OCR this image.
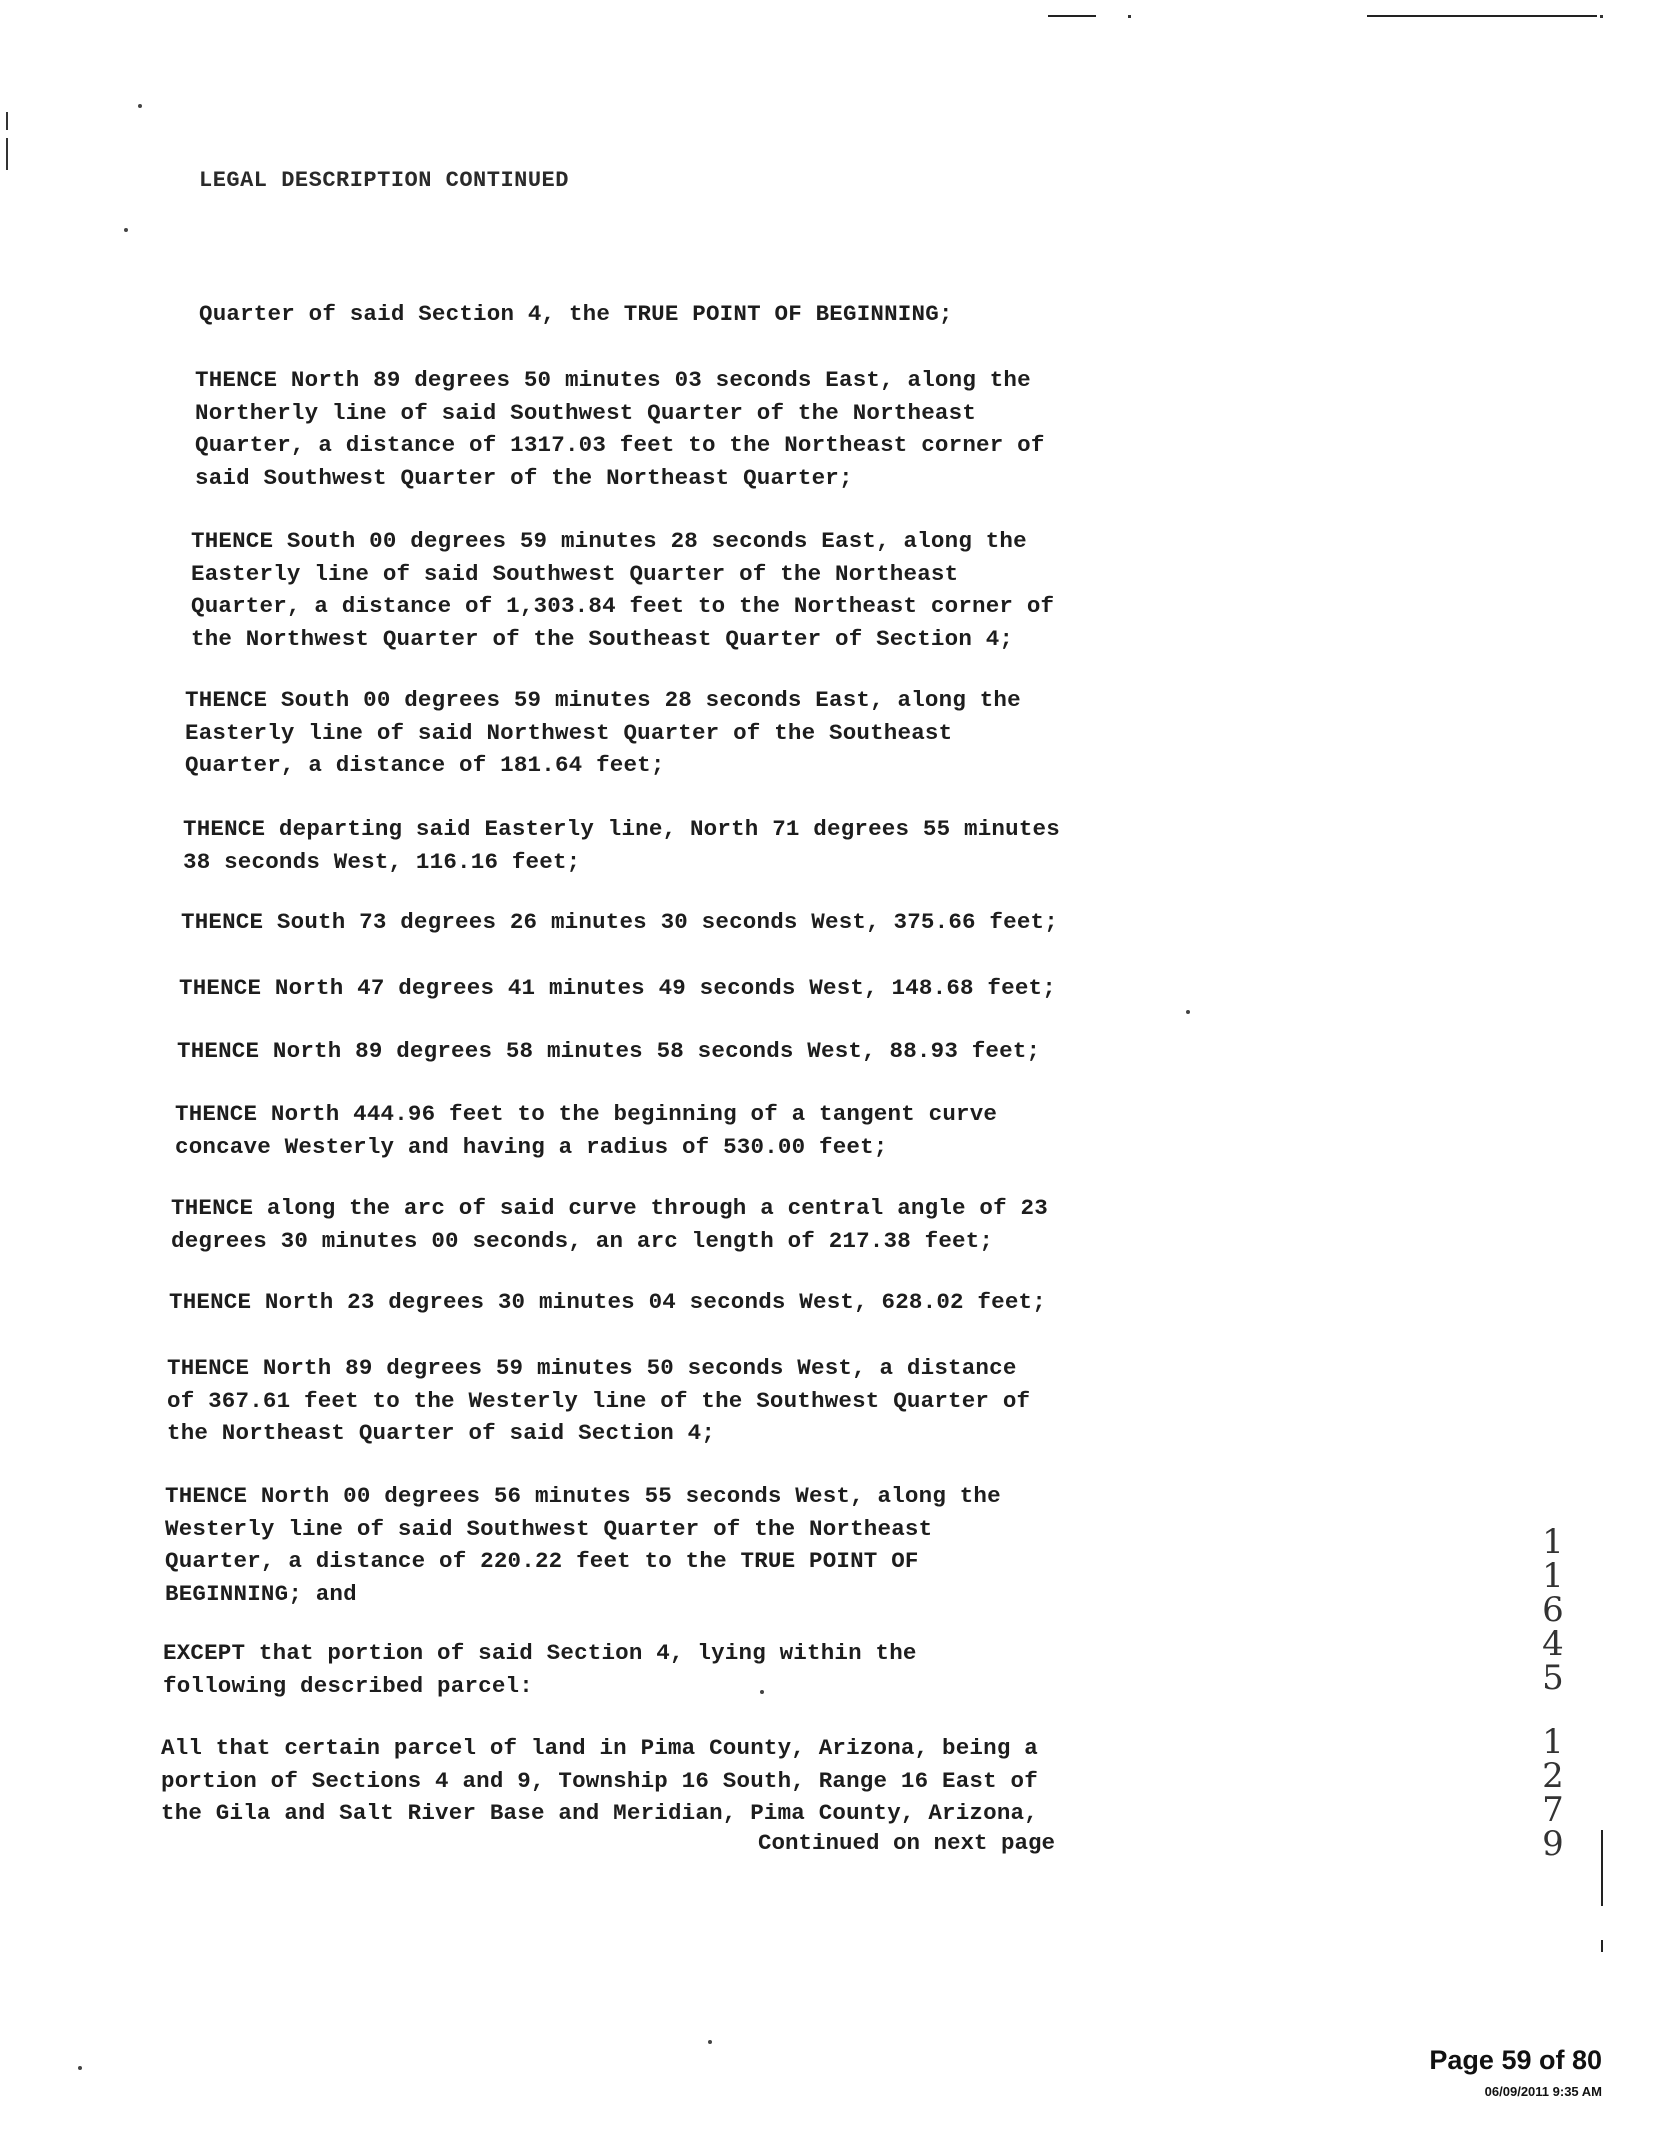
LEGAL DESCRIPTION CONTINUED
Quarter of said Section 4, the TRUE POINT OF BEGINNING;
THENCE North 89 degrees 50 minutes 03 seconds East, along the
Northerly line of said Southwest Quarter of the Northeast
Quarter, a distance of 1317.03 feet to the Northeast corner of
said Southwest Quarter of the Northeast Quarter;
THENCE South 00 degrees 59 minutes 28 seconds East, along the
Easterly line of said Southwest Quarter of the Northeast
Quarter, a distance of 1,303.84 feet to the Northeast corner of
the Northwest Quarter of the Southeast Quarter of Section 4;
THENCE South 00 degrees 59 minutes 28 seconds East, along the
Easterly line of said Northwest Quarter of the Southeast
Quarter, a distance of 181.64 feet;
THENCE departing said Easterly line, North 71 degrees 55 minutes
38 seconds West, 116.16 feet;
THENCE South 73 degrees 26 minutes 30 seconds West, 375.66 feet;
THENCE North 47 degrees 41 minutes 49 seconds West, 148.68 feet;
THENCE North 89 degrees 58 minutes 58 seconds West, 88.93 feet;
THENCE North 444.96 feet to the beginning of a tangent curve
concave Westerly and having a radius of 530.00 feet;
THENCE along the arc of said curve through a central angle of 23
degrees 30 minutes 00 seconds, an arc length of 217.38 feet;
THENCE North 23 degrees 30 minutes 04 seconds West, 628.02 feet;
THENCE North 89 degrees 59 minutes 50 seconds West, a distance
of 367.61 feet to the Westerly line of the Southwest Quarter of
the Northeast Quarter of said Section 4;
THENCE North 00 degrees 56 minutes 55 seconds West, along the
Westerly line of said Southwest Quarter of the Northeast
Quarter, a distance of 220.22 feet to the TRUE POINT OF
BEGINNING; and
EXCEPT that portion of said Section 4, lying within the
following described parcel:
All that certain parcel of land in Pima County, Arizona, being a
portion of Sections 4 and 9, Township 16 South, Range 16 East of
the Gila and Salt River Base and Meridian, Pima County, Arizona,
Continued on next page
1
1
6
4
5
1
2
7
9
Page 59 of 80
06/09/2011 9:35 AM
